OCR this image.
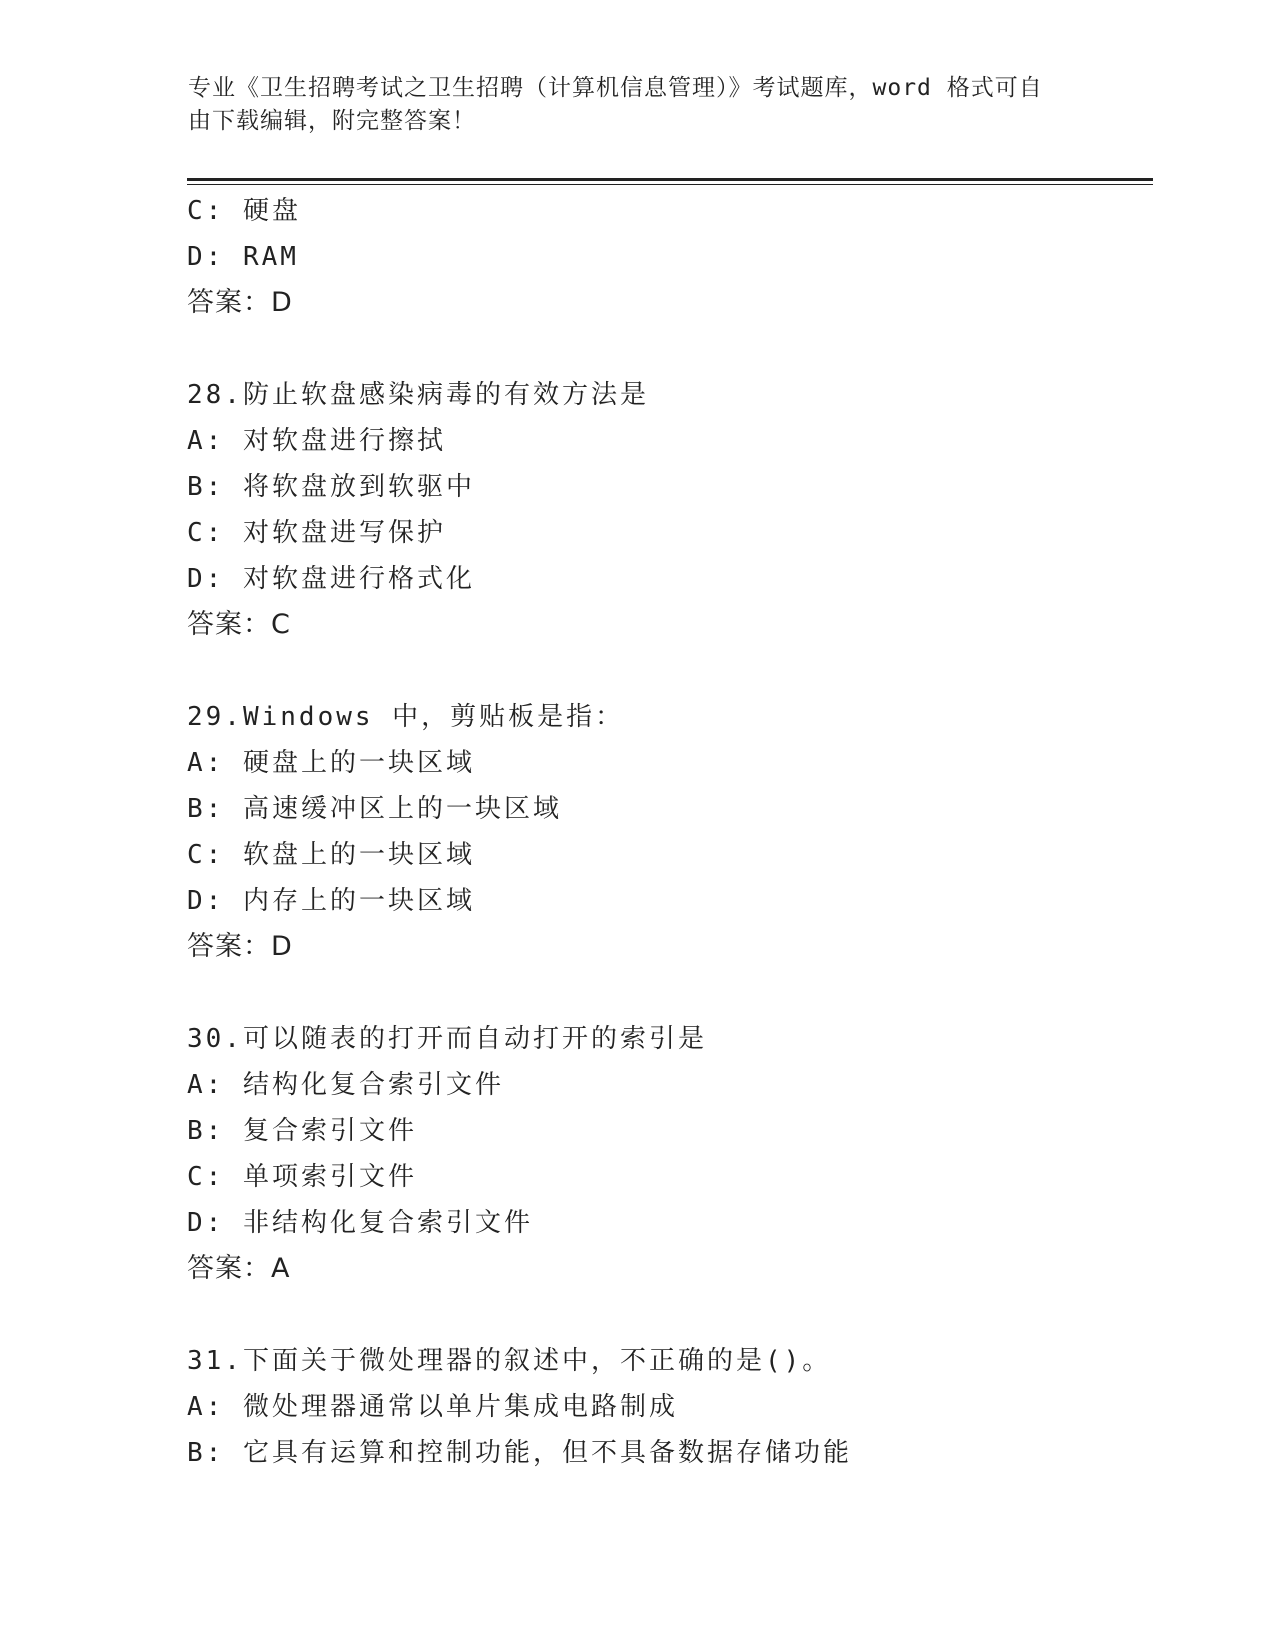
专业《卫生招聘考试之卫生招聘（计算机信息管理）》考试题库，word 格式可自
由下载编辑，附完整答案！
C: 硬盘
D: RAM
答案：D
28.防止软盘感染病毒的有效方法是
A: 对软盘进行擦拭
B: 将软盘放到软驱中
C: 对软盘进写保护
D: 对软盘进行格式化
答案：C
29.Windows 中，剪贴板是指：
A: 硬盘上的一块区域
B: 高速缓冲区上的一块区域
C: 软盘上的一块区域
D: 内存上的一块区域
答案：D
30.可以随表的打开而自动打开的索引是
A: 结构化复合索引文件
B: 复合索引文件
C: 单项索引文件
D: 非结构化复合索引文件
答案：A
31.下面关于微处理器的叙述中，不正确的是()。
A: 微处理器通常以单片集成电路制成
B: 它具有运算和控制功能，但不具备数据存储功能
